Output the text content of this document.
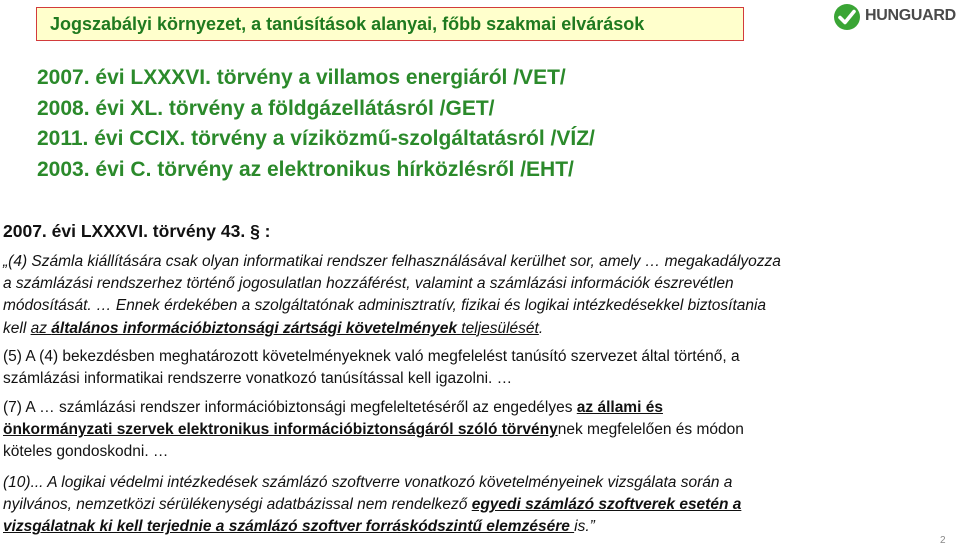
Jogszabályi környezet, a tanúsítások alanyai, főbb szakmai elvárások	HUNGUARD
2007. évi LXXXVI. törvény a villamos energiáról /VET/
2008. évi XL. törvény a földgázellátásról /GET/
2011. évi CCIX. törvény a víziközmű-szolgáltatásról /VÍZ/
2003. évi C. törvény az elektronikus hírközlésről /EHT/
2007. évi LXXXVI. törvény 43. § :
„(4) Számla kiállítására csak olyan informatikai rendszer felhasználásával kerülhet sor, amely … megakadályozza
a számlázási rendszerhez történő jogosulatlan hozzáférést, valamint a számlázási információk észrevétlen
módosítását. … Ennek érdekében a szolgáltatónak adminisztratív, fizikai és logikai intézkedésekkel biztosítania
kell az általános információbiztonsági zártsági követelmények teljesülését.
(5) A (4) bekezdésben meghatározott követelményeknek való megfelelést tanúsító szervezet által történő, a
számlázási informatikai rendszerre vonatkozó tanúsítással kell igazolni. …
(7) A … számlázási rendszer információbiztonsági megfeleltetéséről az engedélyes az állami és
önkormányzati szervek elektronikus információbiztonságáról szóló törvénynek megfelelően és módon
köteles gondoskodni. …
(10)... A logikai védelmi intézkedések számlázó szoftverre vonatkozó követelményeinek vizsgálata során a
nyilvános, nemzetközi sérülékenységi adatbázissal nem rendelkező egyedi számlázó szoftverek esetén a
vizsgálatnak ki kell terjednie a számlázó szoftver forráskódszintű elemzésére is.”
2
